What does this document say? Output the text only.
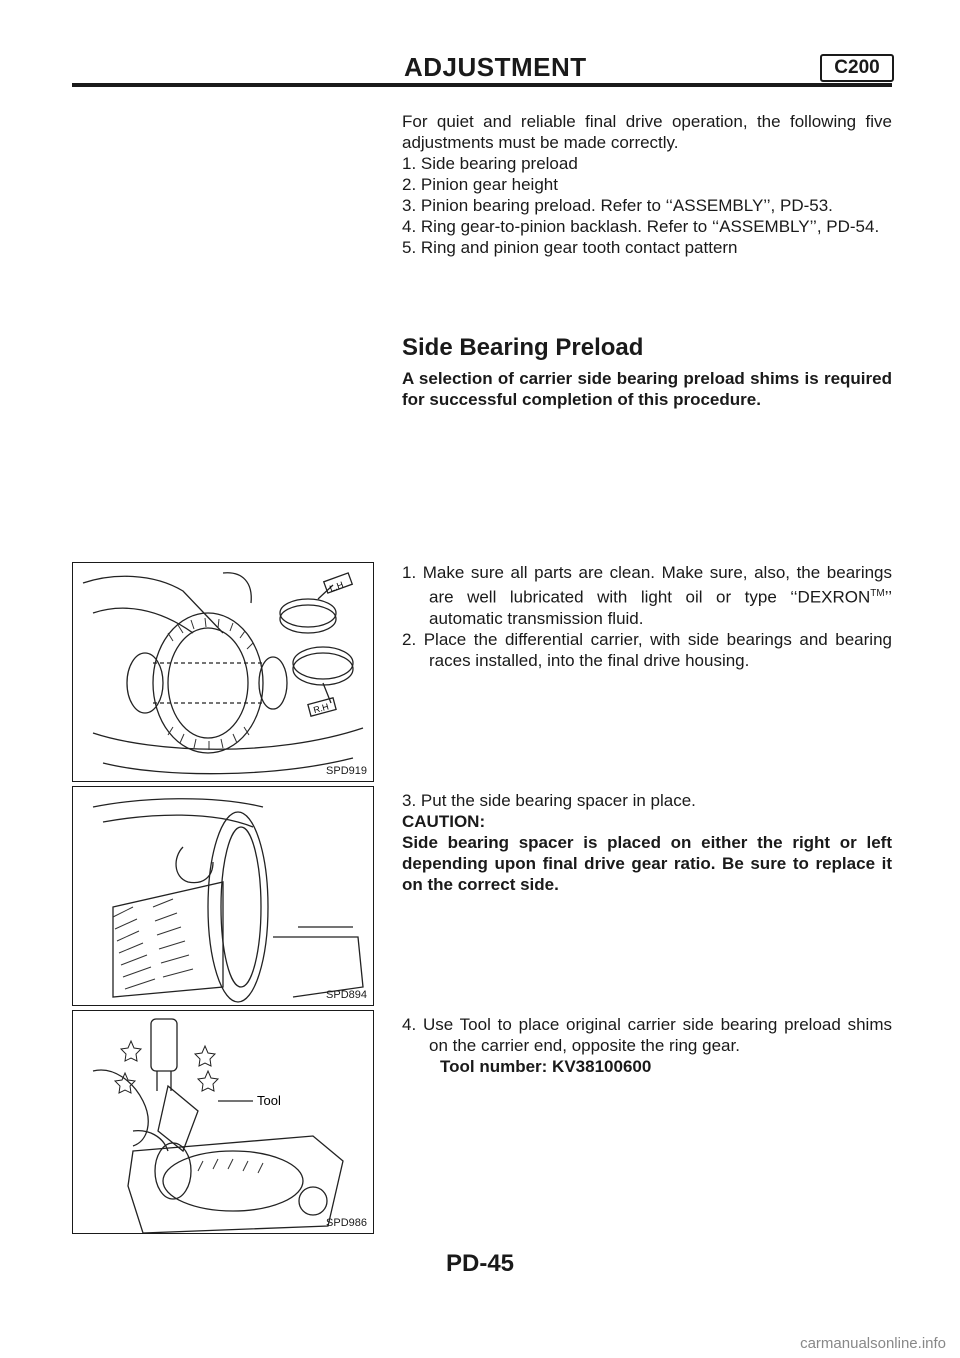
ADJUSTMENT	C200

For quiet and reliable final drive operation, the following five adjustments must be made correctly.

1. Side bearing preload

2. Pinion gear height

3. Pinion bearing preload. Refer to ‘‘ASSEMBLY’’, PD-53.

4. Ring gear-to-pinion backlash. Refer to ‘‘ASSEMBLY’’, PD-54.

5. Ring and pinion gear tooth contact pattern

Side Bearing Preload

A selection of carrier side bearing preload shims is required for successful completion of this procedure.

1. Make sure all parts are clean. Make sure, also, the bearings are well lubricated with light oil or type ‘‘DEXRON™’’ automatic transmission fluid.

2. Place the differential carrier, with side bearings and bearing races installed, into the final drive housing.

3. Put the side bearing spacer in place.

CAUTION:

Side bearing spacer is placed on either the right or left depending upon final drive gear ratio. Be sure to replace it on the correct side.

4. Use Tool to place original carrier side bearing preload shims on the carrier end, opposite the ring gear.

Tool number: KV38100600

L.H
R.H
SPD919
SPD894
Tool
SPD986
PD-45
carmanualsonline.info
